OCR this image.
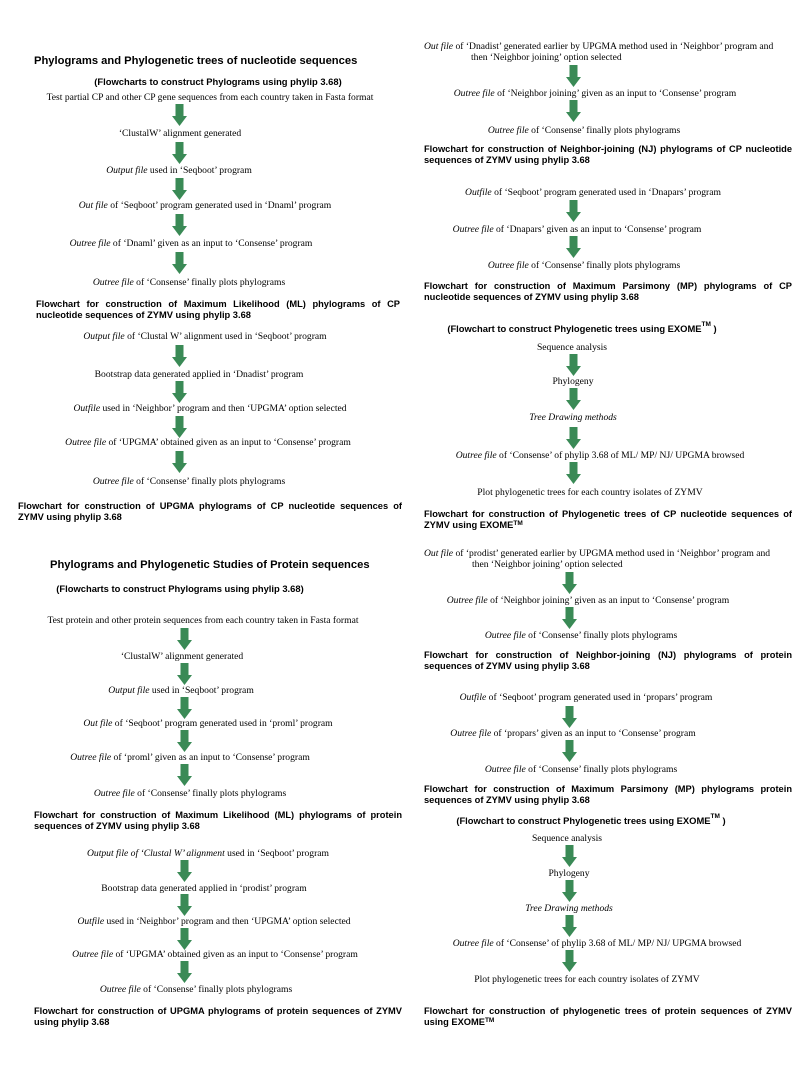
Phylograms and Phylogenetic trees of nucleotide sequences
(Flowcharts to construct Phylograms using phylip 3.68)
Test partial CP and other CP gene sequences from each country taken in Fasta format
‘ClustalW’ alignment generated
Output file used in ‘Seqboot’ program
Out file of ‘Seqboot’ program generated used in ‘Dnaml’ program
Outree file of ‘Dnaml’ given as an input to ‘Consense’ program
Outree file of ‘Consense’ finally plots phylograms
Flowchart for construction of Maximum Likelihood (ML) phylograms of CP nucleotide sequences of ZYMV using phylip 3.68
Output file of ‘Clustal W’ alignment used in ‘Seqboot’ program
Bootstrap data generated applied in ‘Dnadist’ program
Outfile used in ‘Neighbor’ program and then ‘UPGMA’ option selected
Outree file of ‘UPGMA’ obtained given as an input to ‘Consense’ program
Outree file of ‘Consense’ finally plots phylograms
Flowchart for construction of UPGMA phylograms of CP nucleotide sequences of ZYMV using phylip 3.68
Phylograms and Phylogenetic Studies of Protein sequences
(Flowcharts to construct Phylograms using phylip 3.68)
Test protein and other protein sequences from each country taken in Fasta format
‘ClustalW’ alignment generated
Output file used in ‘Seqboot’ program
Out file of ‘Seqboot’ program generated used in ‘proml’ program
Outree file of ‘proml’ given as an input to ‘Consense’ program
Outree file of ‘Consense’ finally plots phylograms
Flowchart for construction of Maximum Likelihood (ML) phylograms of protein sequences of ZYMV using phylip 3.68
Output file of ‘Clustal W’ alignment used in ‘Seqboot’ program
Bootstrap data generated applied in ‘prodist’ program
Outfile used in ‘Neighbor’ program and then ‘UPGMA’ option selected
Outree file of ‘UPGMA’ obtained given as an input to ‘Consense’ program
Outree file of ‘Consense’ finally plots phylograms
Flowchart for construction of UPGMA phylograms of protein sequences of ZYMV using phylip 3.68
Out file of ‘Dnadist’ generated earlier by UPGMA method used in ‘Neighbor’ program and
then ‘Neighbor joining’ option selected
Outree file of ‘Neighbor joining’ given as an input to ‘Consense’ program
Outree file of ‘Consense’ finally plots phylograms
Flowchart for construction of Neighbor-joining (NJ) phylograms of CP nucleotide sequences of ZYMV using phylip 3.68
Outfile of ‘Seqboot’ program generated used in ‘Dnapars’ program
Outree file of ‘Dnapars’ given as an input to ‘Consense’ program
Outree file of ‘Consense’ finally plots phylograms
Flowchart for construction of Maximum Parsimony (MP) phylograms of CP nucleotide sequences of ZYMV using phylip 3.68
(Flowchart to construct Phylogenetic trees using EXOME™ )
Sequence analysis
Phylogeny
Tree Drawing methods
Outree file of ‘Consense’ of phylip 3.68 of ML/ MP/ NJ/ UPGMA browsed
Plot phylogenetic trees for each country isolates of ZYMV
Flowchart for construction of Phylogenetic trees of CP nucleotide sequences of ZYMV using EXOME™
Out file of ‘prodist’ generated earlier by UPGMA method used in ‘Neighbor’ program and
then ‘Neighbor joining’ option selected
Outree file of ‘Neighbor joining’ given as an input to ‘Consense’ program
Outree file of ‘Consense’ finally plots phylograms
Flowchart for construction of Neighbor-joining (NJ) phylograms of protein sequences of ZYMV using phylip 3.68
Outfile of ‘Seqboot’ program generated used in ‘propars’ program
Outree file of ‘propars’ given as an input to ‘Consense’ program
Outree file of ‘Consense’ finally plots phylograms
Flowchart for construction of Maximum Parsimony (MP) phylograms protein sequences of ZYMV using phylip 3.68
(Flowchart to construct Phylogenetic trees using EXOME™ )
Sequence analysis
Phylogeny
Tree Drawing methods
Outree file of ‘Consense’ of phylip 3.68 of ML/ MP/ NJ/ UPGMA browsed
Plot phylogenetic trees for each country isolates of ZYMV
Flowchart for construction of phylogenetic trees of protein sequences of ZYMV using EXOME™
